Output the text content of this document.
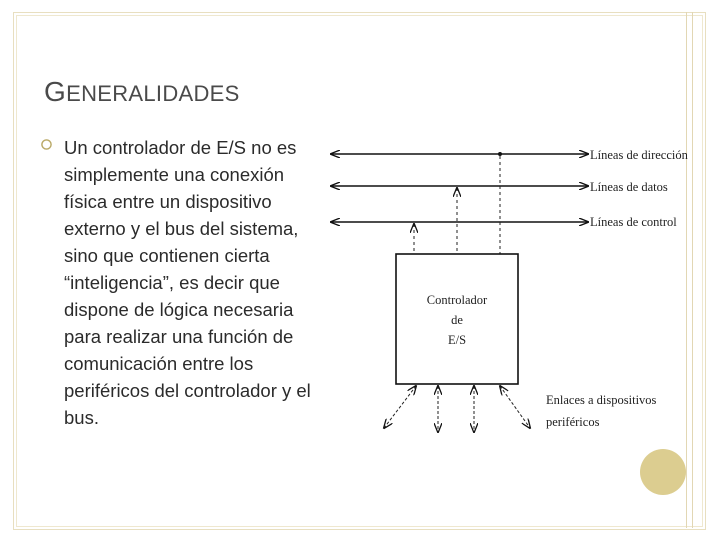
GENERALIDADES
Un controlador de E/S no es simplemente una conexión física entre un dispositivo externo y el bus del sistema, sino que contienen cierta “inteligencia”, es decir que dispone de lógica necesaria para realizar una función de comunicación entre los periféricos del controlador y el bus.
Controlador
de
E/S
Líneas de dirección
Líneas de datos
Líneas de control
Enlaces a dispositivos
periféricos
